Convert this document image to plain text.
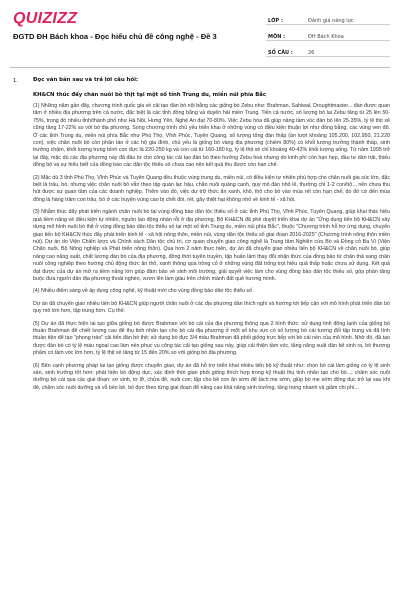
QUIZIZZ
ĐGTD ĐH Bách khoa - Đọc hiểu chủ đề công nghệ - Đề 3
LỚP :	Đánh giá năng lực
MÔN :	ĐH Bách Khoa
SỐ CÂU :	26
1.	Đọc văn bản sau và trả lời câu hỏi:
KH&CN thúc đẩy chăn nuôi bò thịt tại một số tỉnh Trung du, miền núi phía Bắc

(1) Những năm gần đây, chương trình quốc gia về cải tạo đàn bò nội bằng các giống bò Zebu như: Brahman, Sahiwal, Droughtmaster... đàn được quan tâm ở nhiều địa phương trên cả nước, đặc biệt là các tỉnh đồng bằng và duyên hải miền Trung. Tiến cả nước, số lượng bò lai Zebu tăng từ 25 lên 50-75%, trong đó nhiều tỉnh/thành phố như Hà Nội, Hưng Yên, Nghệ An đạt 70-80%. Việc Zebu hóa đã giúp nâng tầm vóc đàn bò lên 25-35%, tỷ lệ thịt xẻ cũng tăng 17-22% so với bò địa phương. Song chương trình chủ yếu triển khai ở những vùng có điều kiện thuận lợi như đồng bằng, các vùng ven đô. Ở các tỉnh Trung du, miền núi phía Bắc như Phú Thọ, Vĩnh Phúc, Tuyên Quang, số lượng tổng đàn thấp (ần lượt khoảng 105.200, 102.950, 21.220 con), việc chăn nuôi bò còn phân tán ở các hộ gia đình, chủ yếu là giống bò vàng địa phương (chiếm 80%) có khối lượng trưởng thành thấp, sinh trưởng chậm, khối lượng trung bình con đực là 220-250 kg và con cái từ 160-180 kg, tỷ lệ thịt xẻ chỉ khoảng 40-42% khối lượng sống. Từ năm 1995 trở lại đây, mặc dù các địa phương này đã đầu tư cho công tác cải tạo đàn bò theo hướng Zebu hoá nhưng do kinh phí còn hạn hẹp, đầu tư dàn trải, thiếu đồng bộ và sự hiểu biết của đồng bào các dân tộc thiểu số chưa cao nên kết quả thu được còn hạn chế.

(2) Mặc dù 3 tỉnh Phú Thọ, Vĩnh Phúc và Tuyên Quang đều thuộc vùng trung du, miền núi, có điều kiện tự nhiên phù hợp cho chăn nuôi gia súc lớn, đặc biệt là trâu, bò, nhưng việc chăn nuôi bò vẫn theo tập quán lạc hậu, chăn nuôi quảng canh, quy mô đàn nhỏ lẻ, thường chỉ 1-2 con/hộ... nên chưa thu hút được sự quan tâm của các doanh nghiệp. Thêm vào đó, việc dự trữ thức ăn xanh, khô, thô cho bò vào mùa rét còn hạn chế, do đó cứ đến mùa đông là hàng trăm con trâu, bò ở các huyện vùng cao bị chết đói, rét, gây thiệt hại không nhỏ về kinh tế - xã hội.

(3) Nhằm thúc đẩy phát triển ngành chăn nuôi bò tại vùng đồng bào dân tộc thiểu số ở các tỉnh Phú Thọ, Vĩnh Phúc, Tuyên Quang, giúp khai thác hiệu quả tiềm năng về điều kiện tự nhiên, nguồn lao động nhàn rỗi ở địa phương, Bộ KH&CN đã phê duyệt triển khai dự án "Ứng dụng tiến bộ KH&CN xây dựng mô hình nuôi bò thịt ở vùng đồng bào dân tộc thiểu số tại một số tỉnh Trung du, miền núi phía Bắc", thuộc "Chương trình hỗ trợ ứng dụng, chuyển giao tiến bộ KH&CN thúc đẩy phát triển kinh tế - xã hội nông thôn, miền núi, vùng dân tộc thiểu số giai đoạn 2016-2025" (Chương trình nông thôn miền núi). Dự án do Viện Chiến lược và Chính sách Dân tộc chủ trì, cơ quan chuyển giao công nghệ là Trung tâm Nghiên cứu Bò và Đồng cỏ Ba Vì (Viện Chăn nuôi, Bộ Nông nghiệp và Phát triển nông thôn). Qua hơn 2 năm thực hiện, dự án đã chuyển giao nhiều tiến bộ KH&CN về chăn nuôi bò, giúp nâng cao năng suất, chất lượng đàn bò của địa phương, đồng thời tuyên truyền, tập huấn làm thay đổi nhận thức của đồng bào từ chăn thả sang chăn nuôi công nghiệp theo hướng chủ động thức ăn thô, xanh thông qua trồng cỏ ở những vùng đất trống trọt hiệu quả thấp hoặc chưa sử dụng. Kết quả đạt được của dự án mở ra tiềm năng lớn giúp đảm bảo về sinh môi trường, giải quyết việc làm cho vùng đồng bào dân tộc thiểu số, góp phần tăng buộc đưa người dân địa phương thoát nghèo, vươn lên làm giàu trên chính mảnh đất quê hương mình.

(4) Nhiều điểm sáng về áp dụng công nghệ, kỹ thuật mới cho vùng đồng bào dân tộc thiểu số

Dự án đã chuyển giao nhiều tiến bộ KH&CN giúp người chăn nuôi ở các địa phương dần thích nghi và hướng tới tiếp cận với mô hình phát triển đàn bò quy mô lớn hơn, tập trung hơn. Cụ thể:

(5) Dự án đã thực hiện lai tạo giữa giống bò được Brahman với bò cái của địa phương thông qua 2 hình thức: sử dụng tinh đông lạnh của giống bò thuần Brahman để chiết lượng cao để thụ tinh nhân tạo cho bò cái địa phương ở một số khu vực có số lượng bò cái tương đối tập trung và đã tính thuần tiện để tạo "phong trào" cải tiến đàn bò thịt; sử dụng bò đực 3/4 máu Brahman đã phối giống trực tiếp với bò cái nền của mô hình. Nhờ đó, đã tạo được đàn bò có tỷ lệ máu ngoại cao làm nền phục vụ công tác cải tạo giống sau này, giúp cải thiện tầm vóc, tăng năng suất đàn bê sinh ra, bò thương phẩm có tầm vóc lớn hơn, tỷ lệ thịt xẻ tăng từ 15 đến 20% so với giống bò địa phương.

(6) Bên cạnh phương pháp lai tạo giống được chuyển giao, dự án đã hỗ trợ triển khai nhiều tiến bộ kỹ thuật như: chọn bò cái làm giống có tỷ lệ sinh sản, sinh trưởng tốt hơn; phát hiện bò động dục, xác định thời gian phối giống thích hợp trong kỹ thuật thụ tinh nhân tạo cho bò...; chăm sóc nuôi dưỡng bò cái qua các giai đoạn: sơ sinh, tơ lỡ, chửa đẻ, nuôi con; tập cho bê con ăn sớm để tách mẹ sớm, giúp bò mẹ sớm động dục trở lại sau khi đẻ, chăm sóc nuôi dưỡng và vỗ béo bê, bò đực theo từng giai đoạn để nâng cao khả năng sinh trưởng, tăng trọng nhanh và giảm chi phí...
